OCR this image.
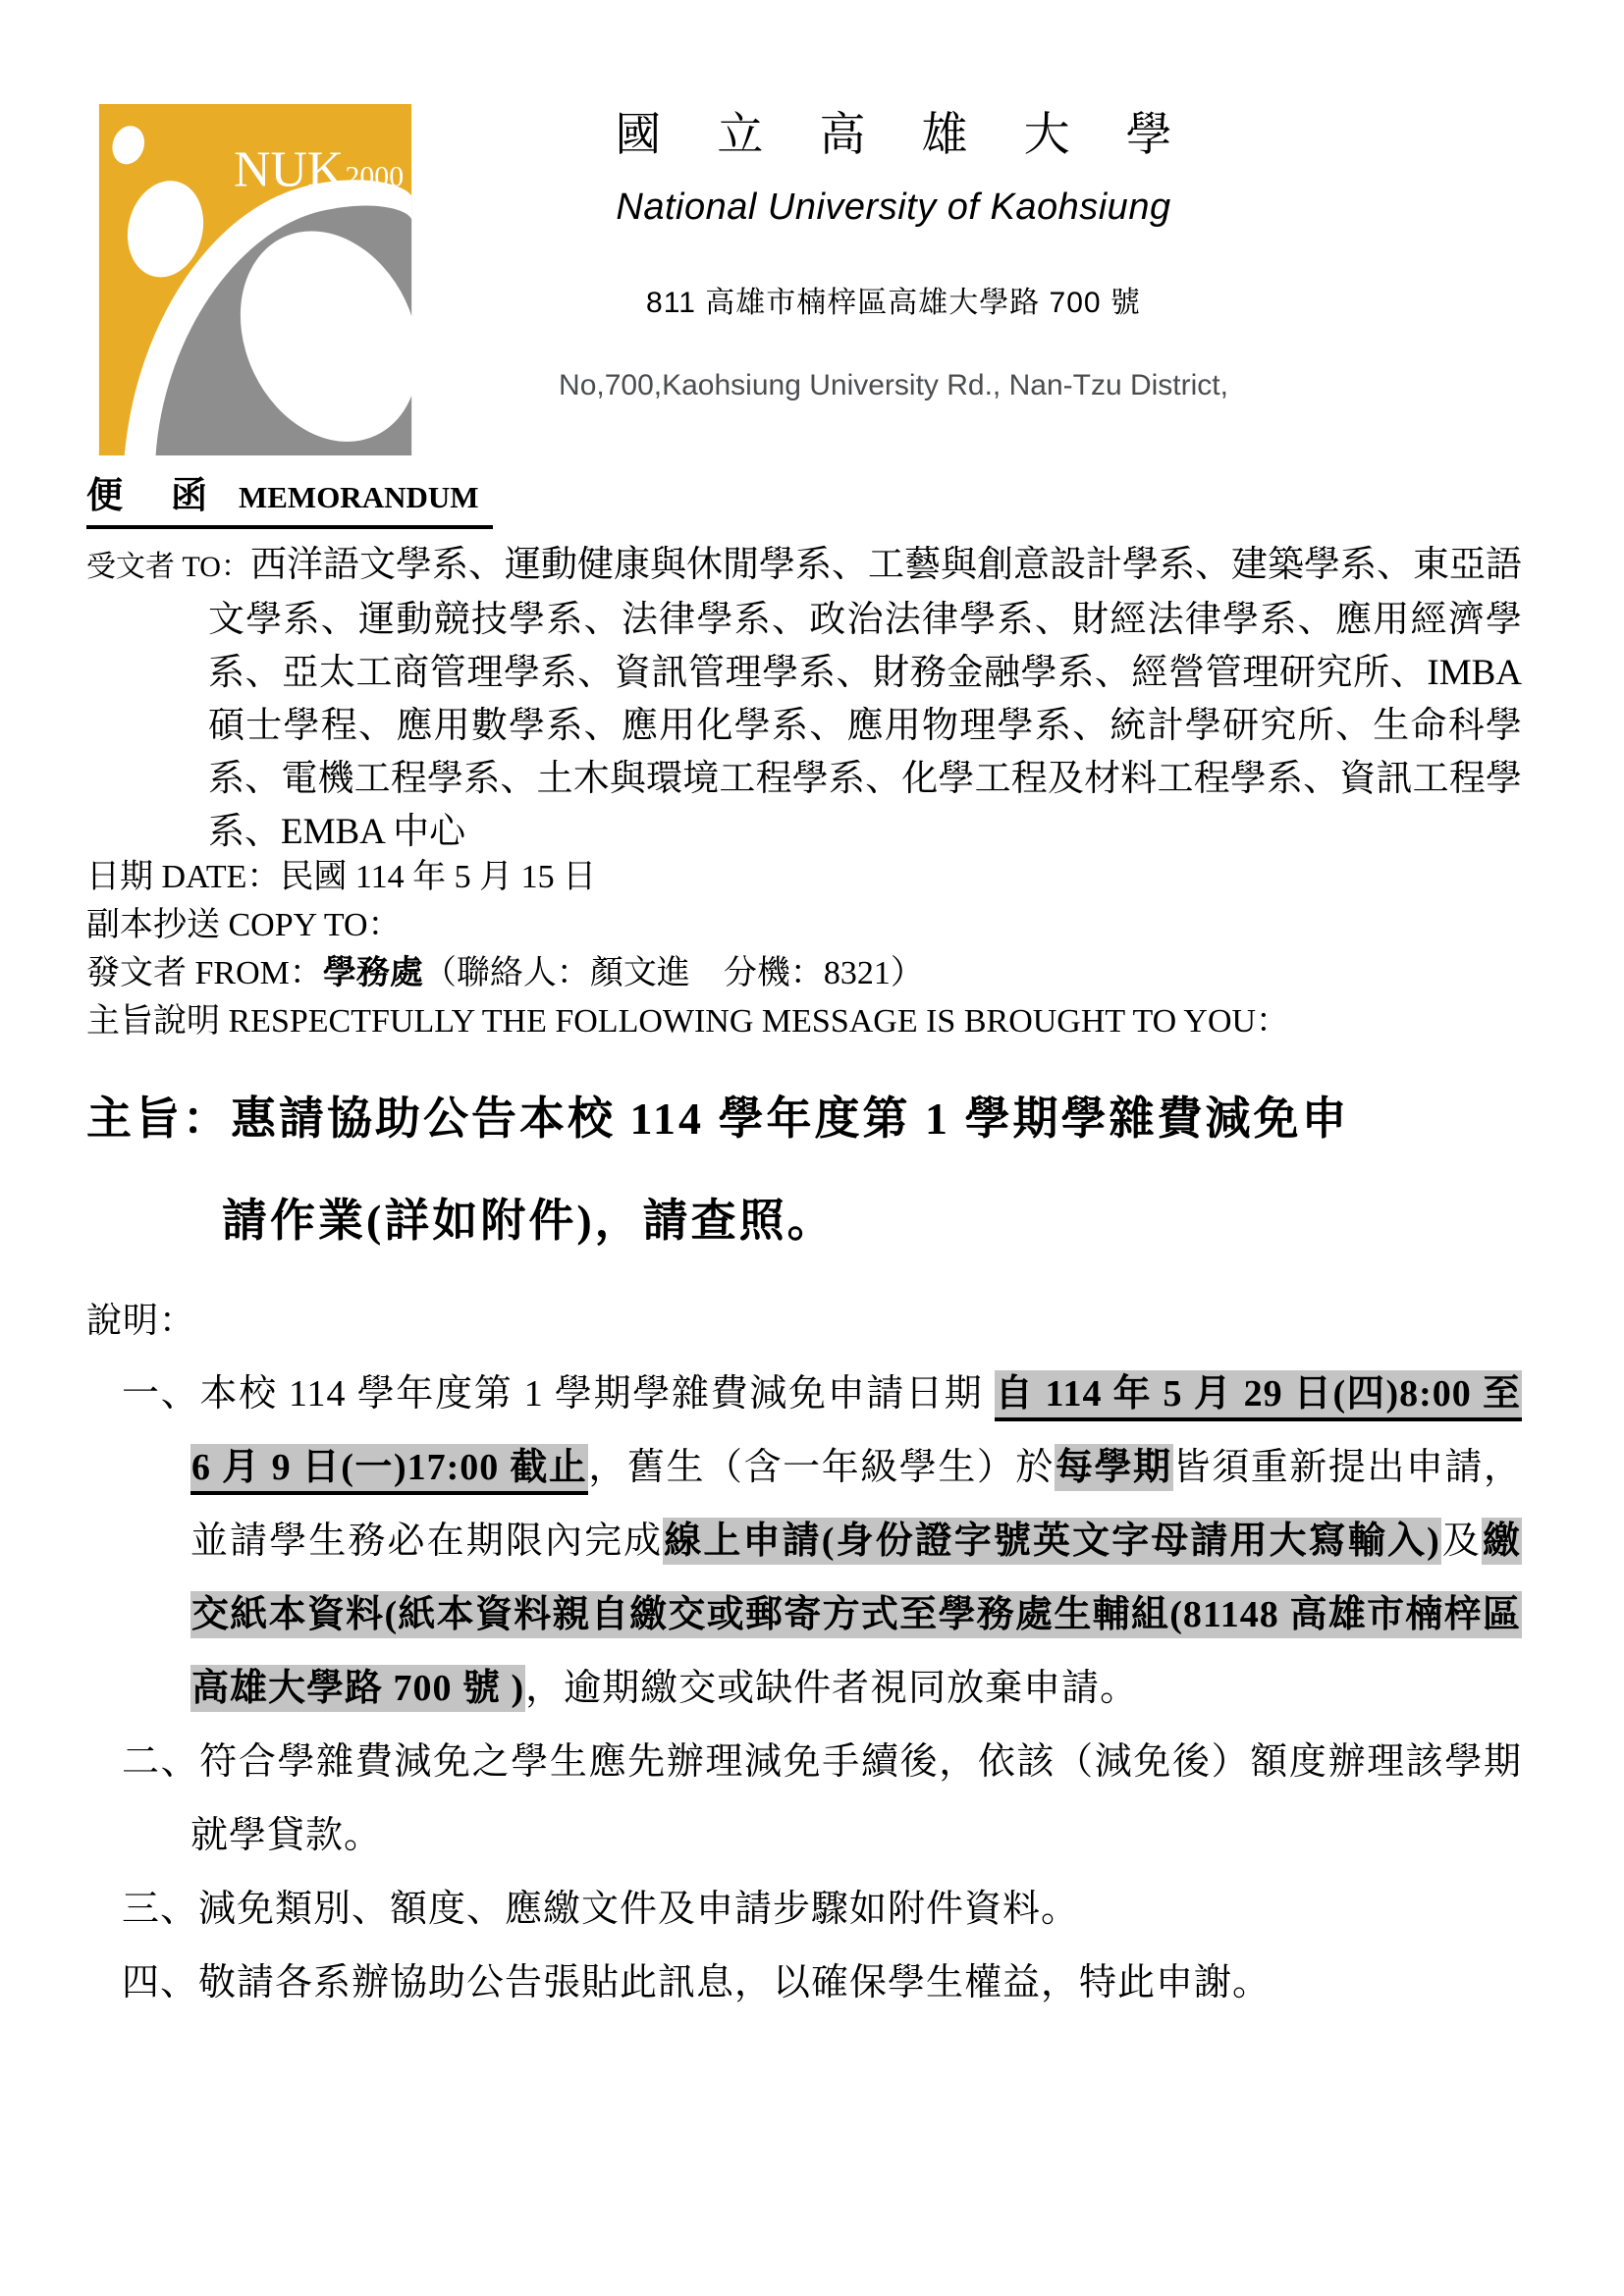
NUK 2000
國 立 高 雄 大 學
National University of Kaohsiung
811 高雄市楠梓區高雄大學路 700 號
No,700,Kaohsiung University Rd., Nan-Tzu District,
便　函 MEMORANDUM
受文者 TO：西洋語文學系、運動健康與休閒學系、工藝與創意設計學系、建築學系、東亞語文學系、運動競技學系、法律學系、政治法律學系、財經法律學系、應用經濟學系、亞太工商管理學系、資訊管理學系、財務金融學系、經營管理研究所、IMBA 碩士學程、應用數學系、應用化學系、應用物理學系、統計學研究所、生命科學系、電機工程學系、土木與環境工程學系、化學工程及材料工程學系、資訊工程學系、EMBA 中心
日期 DATE：民國 114 年 5 月 15 日
副本抄送 COPY TO：
發文者 FROM：學務處（聯絡人：顏文進　分機：8321）
主旨說明 RESPECTFULLY THE FOLLOWING MESSAGE IS BROUGHT TO YOU：
主旨：惠請協助公告本校 114 學年度第 1 學期學雜費減免申
請作業(詳如附件)，請查照。
說明：
一、本校 114 學年度第 1 學期學雜費減免申請日期 自 114 年 5 月 29 日(四)8:00 至 6 月 9 日(一)17:00 截止，舊生（含一年級學生）於每學期皆須重新提出申請，並請學生務必在期限內完成線上申請(身份證字號英文字母請用大寫輸入)及繳交紙本資料(紙本資料親自繳交或郵寄方式至學務處生輔組(81148 高雄市楠梓區高雄大學路 700 號 )，逾期繳交或缺件者視同放棄申請。
二、符合學雜費減免之學生應先辦理減免手續後，依該（減免後）額度辦理該學期就學貸款。
三、減免類別、額度、應繳文件及申請步驟如附件資料。
四、敬請各系辦協助公告張貼此訊息，以確保學生權益，特此申謝。
